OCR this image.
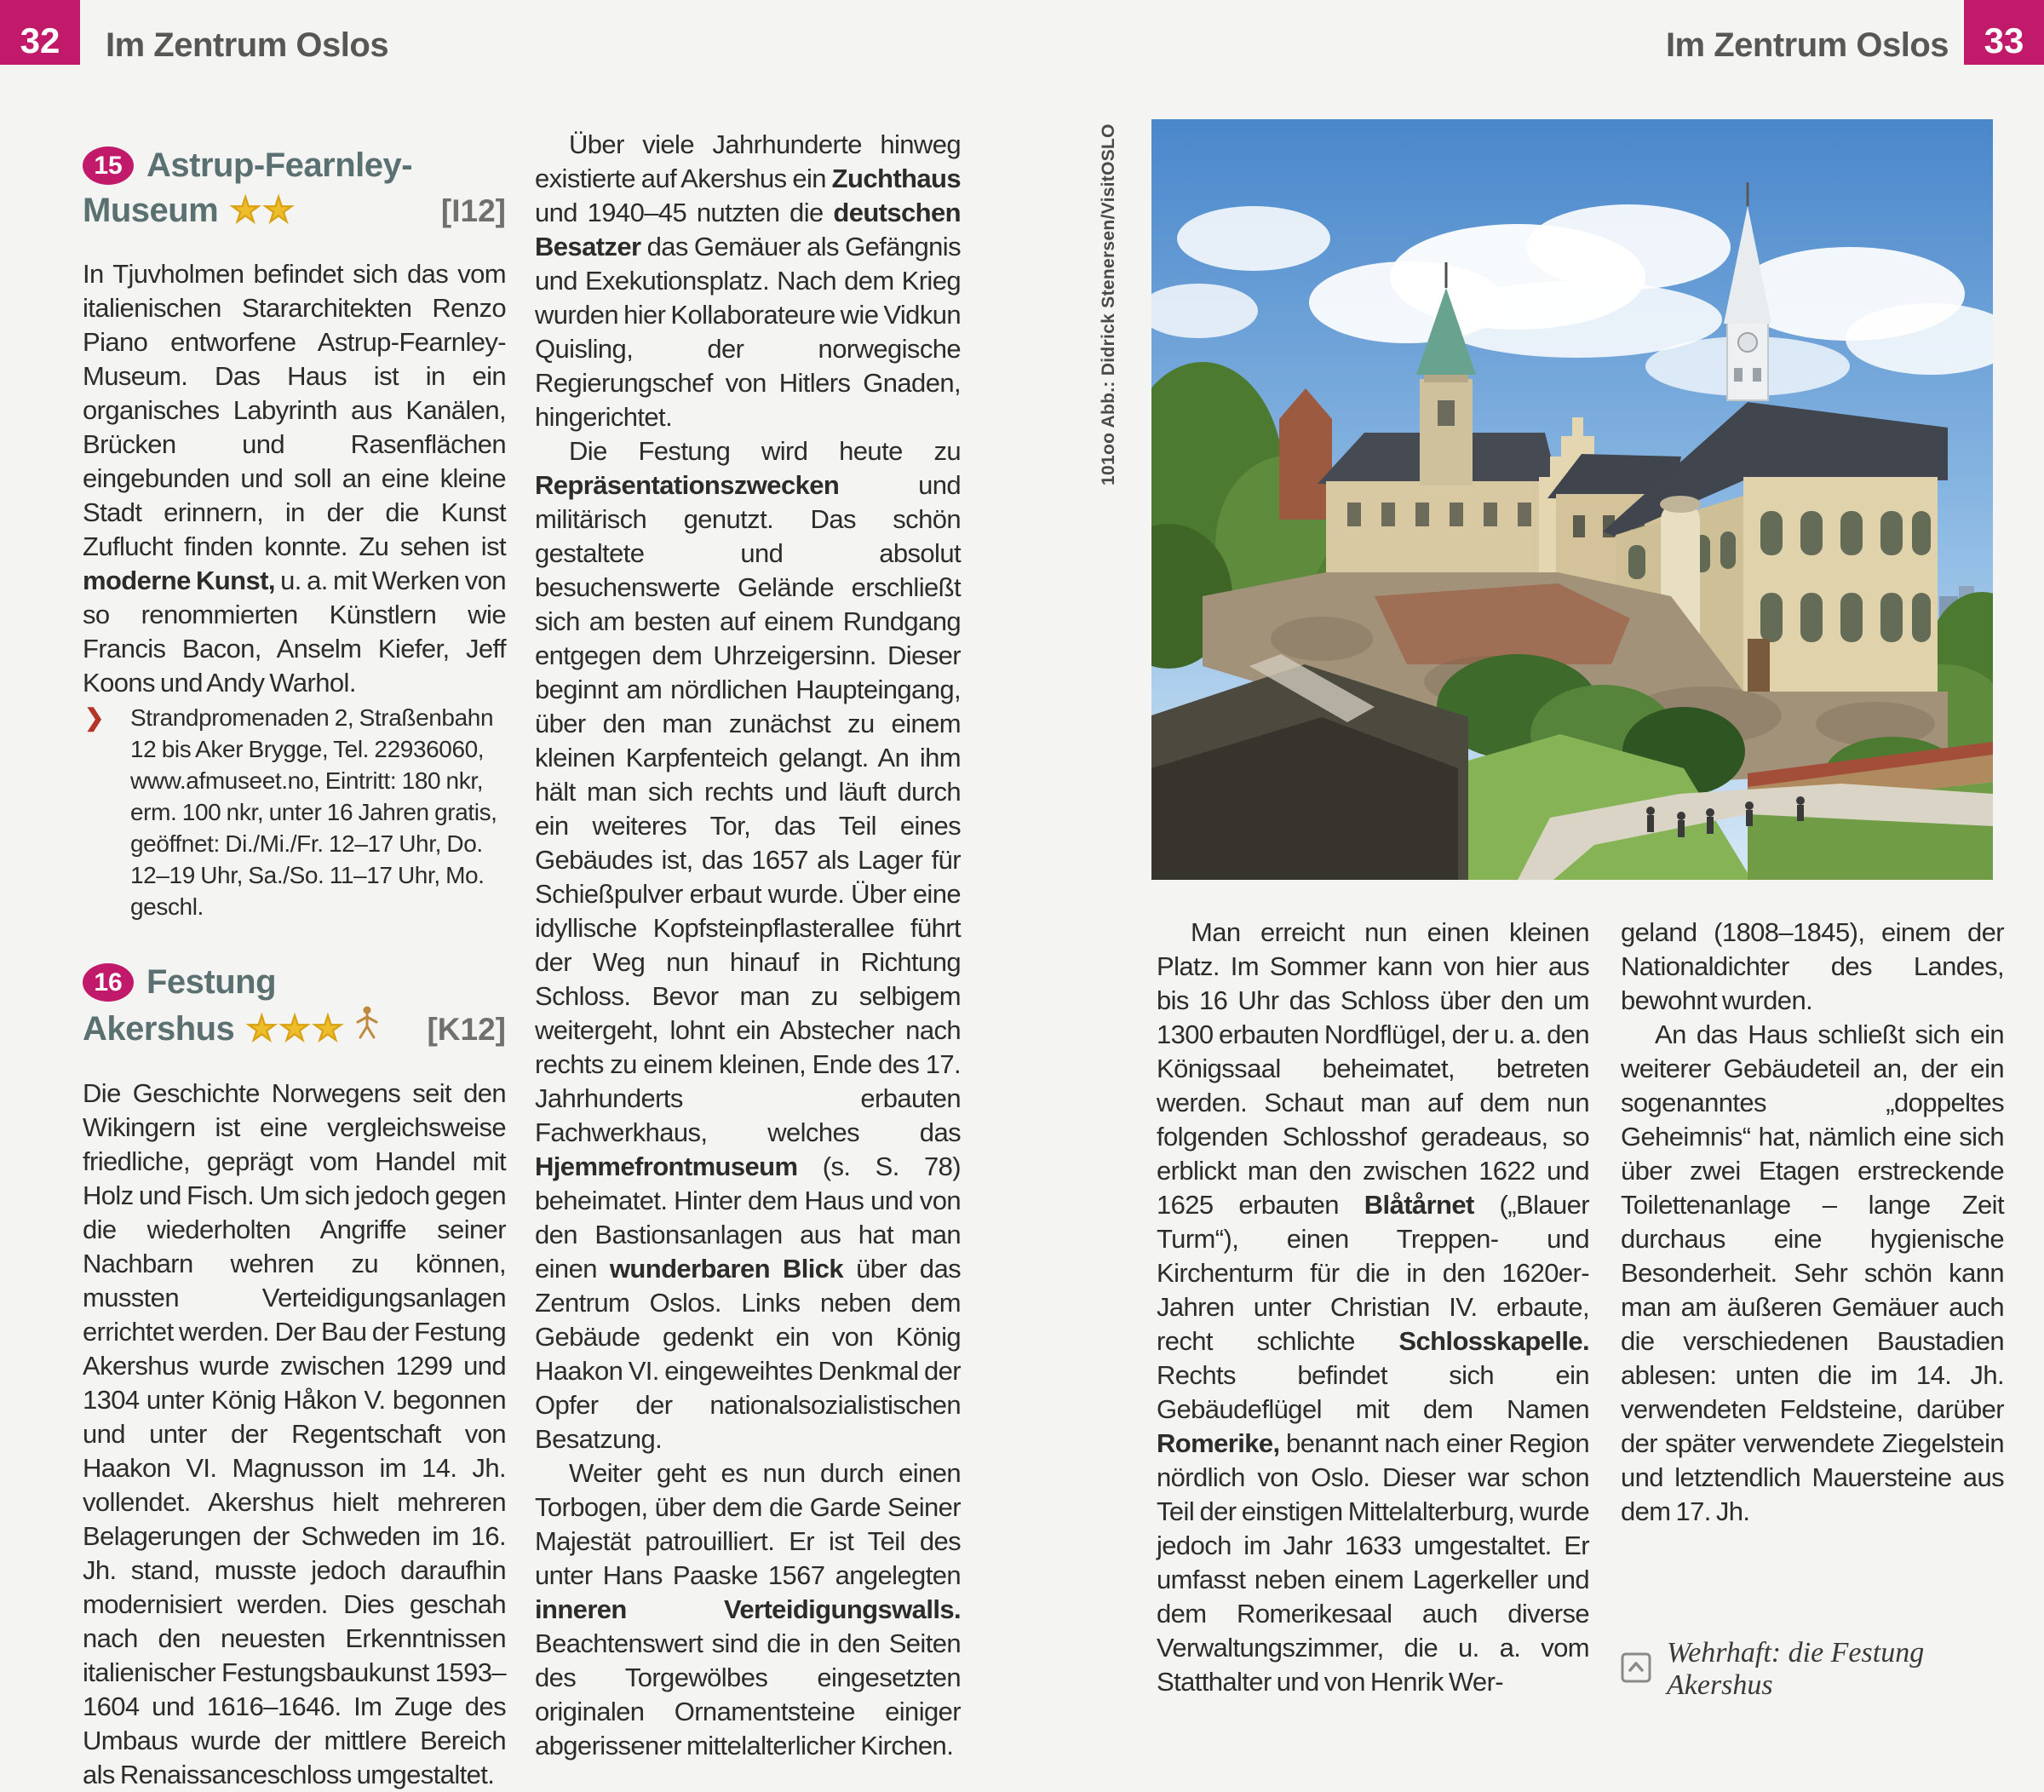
32 Im Zentrum Oslos	Im Zentrum Oslos 33
15 Astrup-Fearnley-
Museum ★★	[I12]

In Tjuvholmen befindet sich das vom italienischen Stararchitekten Renzo Piano entworfene Astrup-Fearnley-Museum. Das Haus ist in ein organisches Labyrinth aus Kanälen, Brücken und Rasenflächen eingebunden und soll an eine kleine Stadt erinnern, in der die Kunst Zuflucht finden konnte. Zu sehen ist moderne Kunst, u. a. mit Werken von so renommierten Künstlern wie Francis Bacon, Anselm Kiefer, Jeff Koons und Andy Warhol.

❯ Strandpromenaden 2, Straßenbahn 12 bis Aker Brygge, Tel. 22936060, www.afmuseet.no, Eintritt: 180 nkr, erm. 100 nkr, unter 16 Jahren gratis, geöffnet: Di./Mi./Fr. 12–17 Uhr, Do. 12–19 Uhr, Sa./So. 11–17 Uhr, Mo. geschl.
16 Festung
Akershus ★★★	[K12]

Die Geschichte Norwegens seit den Wikingern ist eine vergleichsweise friedliche, geprägt vom Handel mit Holz und Fisch. Um sich jedoch gegen die wiederholten Angriffe seiner Nachbarn wehren zu können, mussten Verteidigungsanlagen errichtet werden. Der Bau der Festung Akershus wurde zwischen 1299 und 1304 unter König Håkon V. begonnen und unter der Regentschaft von Haakon VI. Magnusson im 14. Jh. vollendet. Akershus hielt mehreren Belagerungen der Schweden im 16. Jh. stand, musste jedoch daraufhin modernisiert werden. Dies geschah nach den neuesten Erkenntnissen italienischer Festungsbaukunst 1593–1604 und 1616–1646. Im Zuge des Umbaus wurde der mittlere Bereich als Renaissanceschloss umgestaltet.

Über viele Jahrhunderte hinweg existierte auf Akershus ein Zuchthaus und 1940–45 nutzten die deutschen Besatzer das Gemäuer als Gefängnis und Exekutionsplatz. Nach dem Krieg wurden hier Kollaborateure wie Vidkun Quisling, der norwegische Regierungschef von Hitlers Gnaden, hingerichtet.

Die Festung wird heute zu Repräsentationszwecken und militärisch genutzt. Das schön gestaltete und absolut besuchenswerte Gelände erschließt sich am besten auf einem Rundgang entgegen dem Uhrzeigersinn. Dieser beginnt am nördlichen Haupteingang, über den man zunächst zu einem kleinen Karpfenteich gelangt. An ihm hält man sich rechts und läuft durch ein weiteres Tor, das Teil eines Gebäudes ist, das 1657 als Lager für Schießpulver erbaut wurde. Über eine idyllische Kopfsteinpflasterallee führt der Weg nun hinauf in Richtung Schloss. Bevor man zu selbigem weitergeht, lohnt ein Abstecher nach rechts zu einem kleinen, Ende des 17. Jahrhunderts erbauten Fachwerkhaus, welches das Hjemmefrontmuseum (s. S. 78) beheimatet. Hinter dem Haus und von den Bastionsanlagen aus hat man einen wunderbaren Blick über das Zentrum Oslos. Links neben dem Gebäude gedenkt ein von König Haakon VI. eingeweihtes Denkmal der Opfer der nationalsozialistischen Besatzung.

Weiter geht es nun durch einen Torbogen, über dem die Garde Seiner Majestät patrouilliert. Er ist Teil des unter Hans Paaske 1567 angelegten inneren Verteidigungswalls. Beachtenswert sind die in den Seiten des Torgewölbes eingesetzten originalen Ornamentsteine einiger abgerissener mittelalterlicher Kirchen.

101oo Abb.: Didrick Stenersen/VisitOSLO

Man erreicht nun einen kleinen Platz. Im Sommer kann von hier aus bis 16 Uhr das Schloss über den um 1300 erbauten Nordflügel, der u. a. den Königssaal beheimatet, betreten werden. Schaut man auf dem nun folgenden Schlosshof geradeaus, so erblickt man den zwischen 1622 und 1625 erbauten Blåtårnet („Blauer Turm“), einen Treppen- und Kirchenturm für die in den 1620er-Jahren unter Christian IV. erbaute, recht schlichte Schlosskapelle. Rechts befindet sich ein Gebäudeflügel mit dem Namen Romerike, benannt nach einer Region nördlich von Oslo. Dieser war schon Teil der einstigen Mittelalterburg, wurde jedoch im Jahr 1633 umgestaltet. Er umfasst neben einem Lagerkeller und dem Romerikesaal auch diverse Verwaltungszimmer, die u. a. vom Statthalter und von Henrik Wer-

geland (1808–1845), einem der Nationaldichter des Landes, bewohnt wurden.

An das Haus schließt sich ein weiterer Gebäudeteil an, der ein sogenanntes „doppeltes Geheimnis“ hat, nämlich eine sich über zwei Etagen erstreckende Toilettenanlage – lange Zeit durchaus eine hygienische Besonderheit. Sehr schön kann man am äußeren Gemäuer auch die verschiedenen Baustadien ablesen: unten die im 14. Jh. verwendeten Feldsteine, darüber der später verwendete Ziegelstein und letztendlich Mauersteine aus dem 17. Jh.

Wehrhaft: die Festung Akershus
